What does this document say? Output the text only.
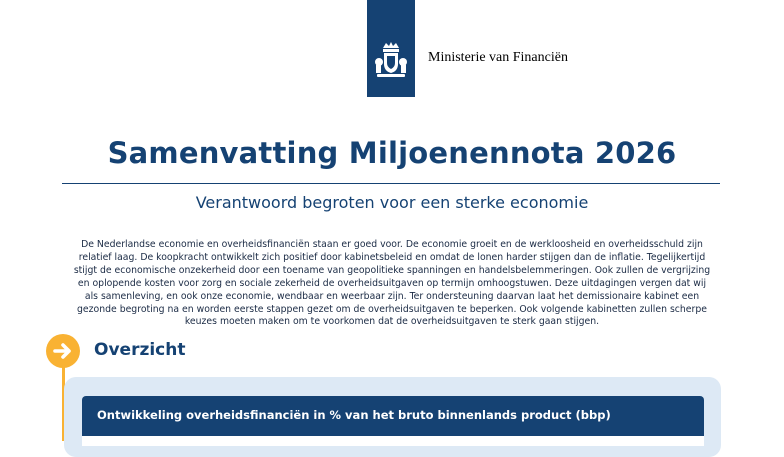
Ministerie van Financiën
Samenvatting Miljoenennota 2026
Verantwoord begroten voor een sterke economie
De Nederlandse economie en overheidsfinanciën staan er goed voor. De economie groeit en de werkloosheid en overheidsschuld zijn relatief laag. De koopkracht ontwikkelt zich positief door kabinetsbeleid en omdat de lonen harder stijgen dan de inflatie. Tegelijkertijd stijgt de economische onzekerheid door een toename van geopolitieke spanningen en handelsbelemmeringen. Ook zullen de vergrijzing en oplopende kosten voor zorg en sociale zekerheid de overheidsuitgaven op termijn omhoogstuwen. Deze uitdagingen vergen dat wij als samenleving, en ook onze economie, wendbaar en weerbaar zijn. Ter ondersteuning daarvan laat het demissionaire kabinet een gezonde begroting na en worden eerste stappen gezet om de overheidsuitgaven te beperken. Ook volgende kabinetten zullen scherpe keuzes moeten maken om te voorkomen dat de overheidsuitgaven te sterk gaan stijgen.
Overzicht
Ontwikkeling overheidsfinanciën in % van het bruto binnenlands product (bbp)
